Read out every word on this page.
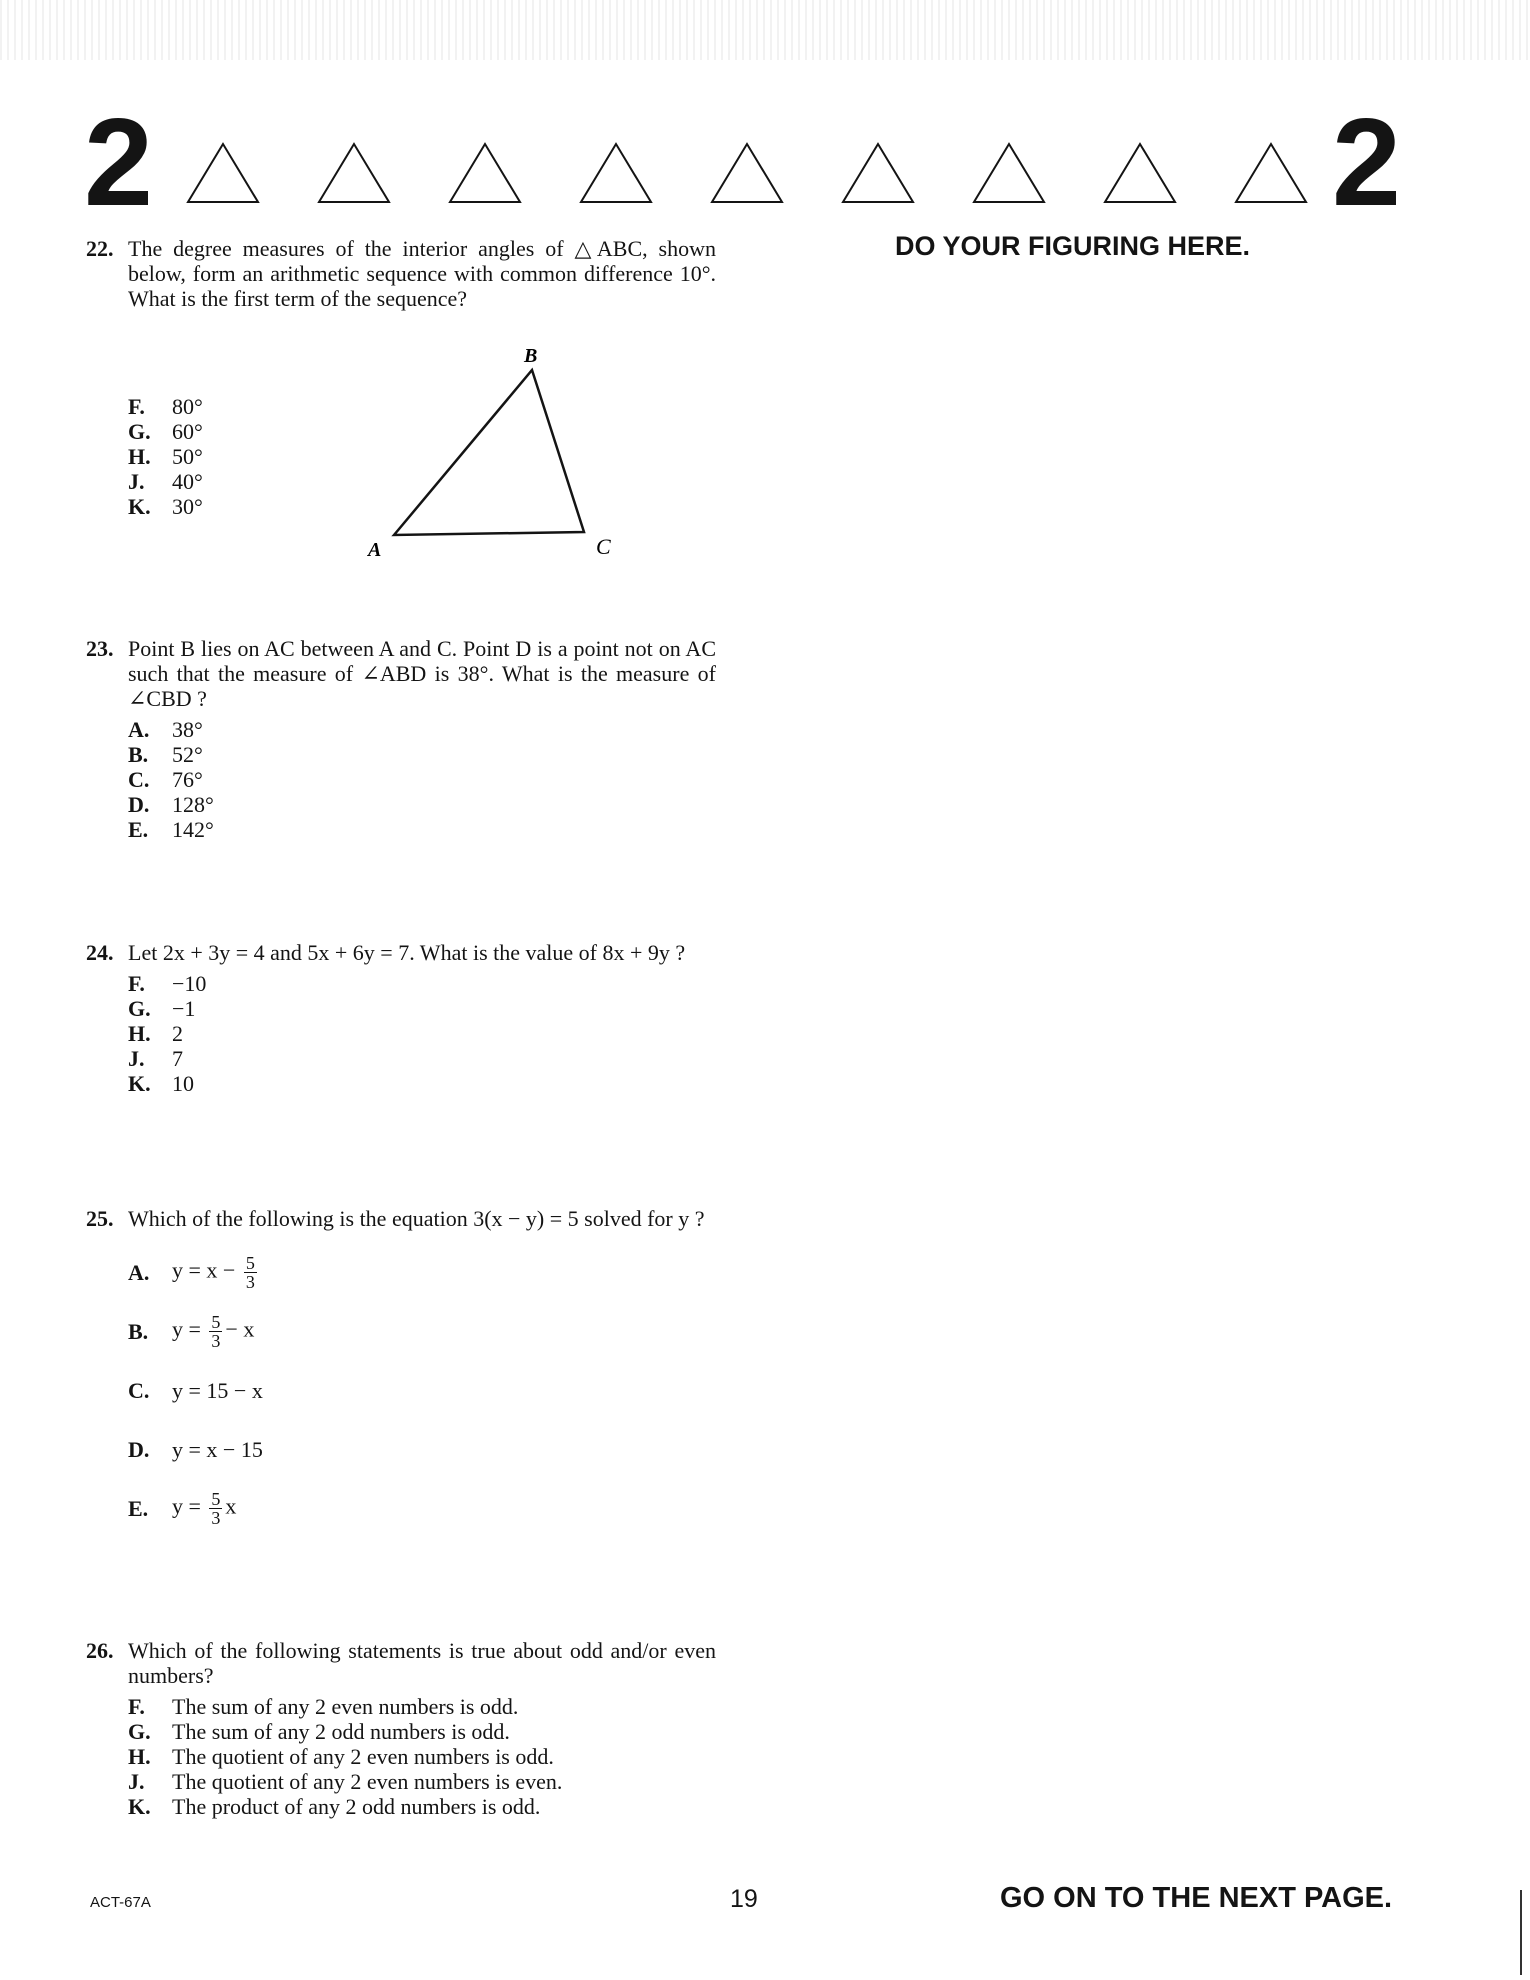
2	2
DO YOUR FIGURING HERE.
22. The degree measures of the interior angles of △ABC, shown below, form an arithmetic sequence with common difference 10°. What is the first term of the sequence?
F.	80°
G. 60°
H. 50°
J.	40°
K. 30°
B
A	C
23. Point B lies on AC between A and C. Point D is a point not on AC such that the measure of ∠ABD is 38°. What is the measure of ∠CBD ?
A.	38°
B.	52°
C.	76°
D.	128°
E.	142°
24. Let 2x + 3y = 4 and 5x + 6y = 7. What is the value of 8x + 9y ?
F.	−10
G. −1
H. 2
J.	7
K. 10
25. Which of the following is the equation 3(x − y) = 5 solved for y ?
A.	$y = x - \frac{5}{3}$
B.	$y = \frac{5}{3} - x$
C.	y = 15 − x
D.	y = x − 15
E.	$y = \frac{5}{3}$ x
26. Which of the following statements is true about odd and/or even numbers?
F.	The sum of any 2 even numbers is odd.
G. The sum of any 2 odd numbers is odd.
H. The quotient of any 2 even numbers is odd.
J.	The quotient of any 2 even numbers is even.
K. The product of any 2 odd numbers is odd.
ACT-67A	19	GO ON TO THE NEXT PAGE.
